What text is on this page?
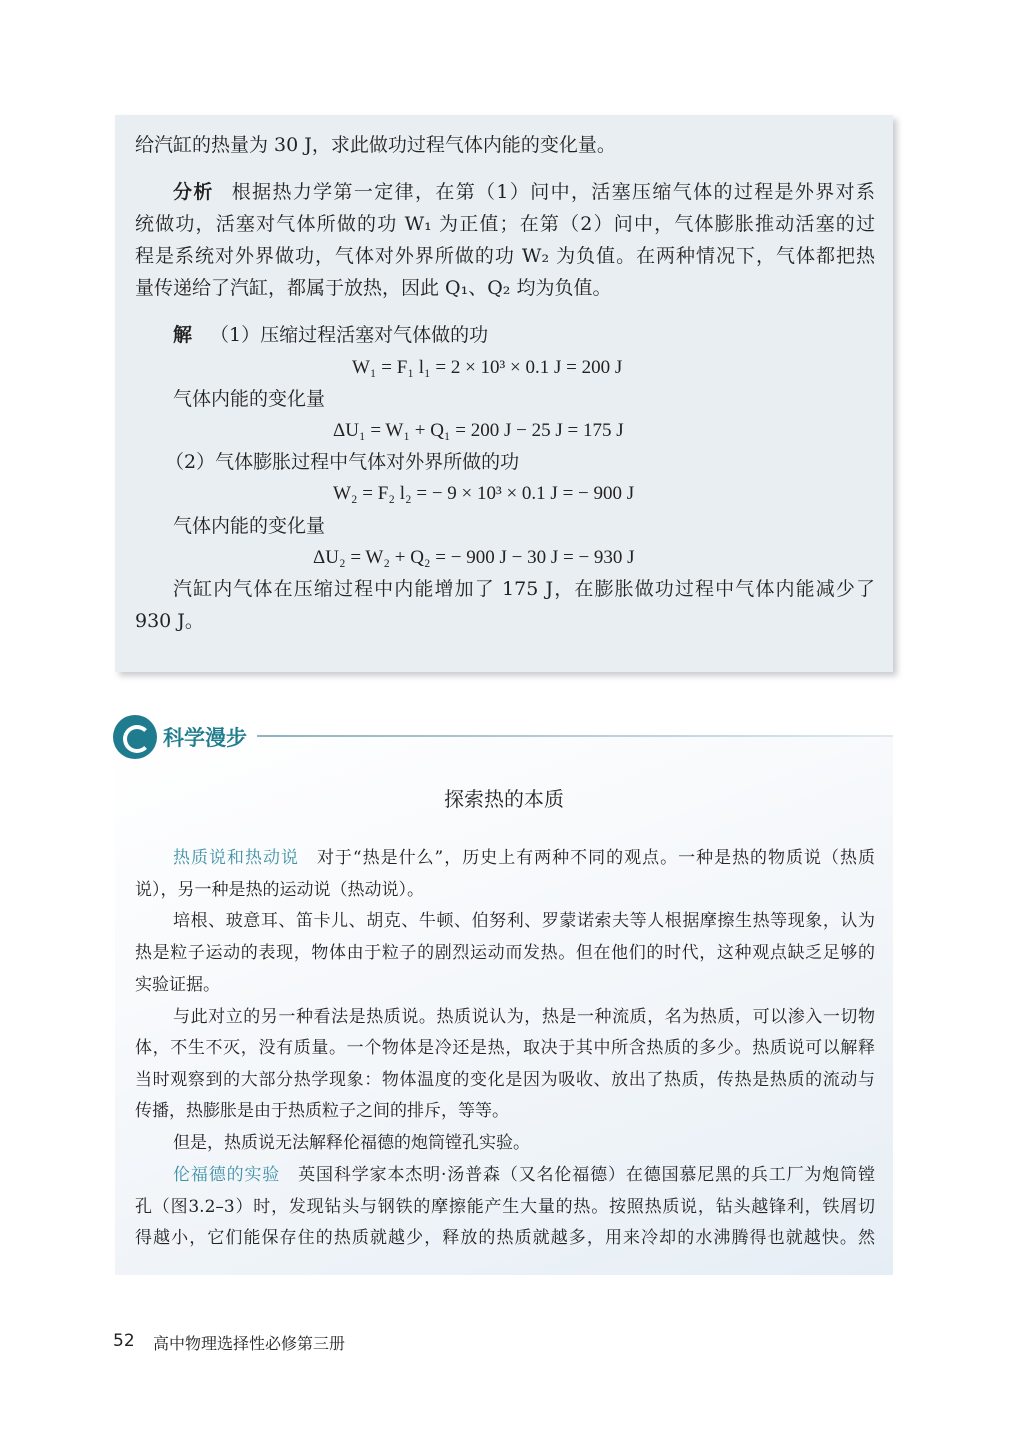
给汽缸的热量为 30 J，求此做功过程气体内能的变化量。
分析 根据热力学第一定律，在第（1）问中，活塞压缩气体的过程是外界对系
统做功，活塞对气体所做的功 W₁ 为正值；在第（2）问中，气体膨胀推动活塞的过
程是系统对外界做功，气体对外界所做的功 W₂ 为负值。在两种情况下，气体都把热
量传递给了汽缸，都属于放热，因此 Q₁、Q₂ 均为负值。
解 （1）压缩过程活塞对气体做的功
W₁ = F₁ l₁ = 2 × 10³ × 0.1 J = 200 J
气体内能的变化量
ΔU₁ = W₁ + Q₁ = 200 J − 25 J = 175 J
（2）气体膨胀过程中气体对外界所做的功
W₂ = F₂ l₂ = − 9 × 10³ × 0.1 J = − 900 J
气体内能的变化量
ΔU₂ = W₂ + Q₂ = − 900 J − 30 J = − 930 J
汽缸内气体在压缩过程中内能增加了 175 J，在膨胀做功过程中气体内能减少了
930 J。
科学漫步
探索热的本质
热质说和热动说 对于“热是什么”，历史上有两种不同的观点。一种是热的物质说（热质
说），另一种是热的运动说（热动说）。
培根、玻意耳、笛卡儿、胡克、牛顿、伯努利、罗蒙诺索夫等人根据摩擦生热等现象，认为
热是粒子运动的表现，物体由于粒子的剧烈运动而发热。但在他们的时代，这种观点缺乏足够的
实验证据。
与此对立的另一种看法是热质说。热质说认为，热是一种流质，名为热质，可以渗入一切物
体，不生不灭，没有质量。一个物体是冷还是热，取决于其中所含热质的多少。热质说可以解释
当时观察到的大部分热学现象：物体温度的变化是因为吸收、放出了热质，传热是热质的流动与
传播，热膨胀是由于热质粒子之间的排斥，等等。
但是，热质说无法解释伦福德的炮筒镗孔实验。
伦福德的实验 英国科学家本杰明·汤普森（又名伦福德）在德国慕尼黑的兵工厂为炮筒镗
孔（图3.2–3）时，发现钻头与钢铁的摩擦能产生大量的热。按照热质说，钻头越锋利，铁屑切
得越小，它们能保存住的热质就越少，释放的热质就越多，用来冷却的水沸腾得也就越快。然
52 高中物理选择性必修第三册
